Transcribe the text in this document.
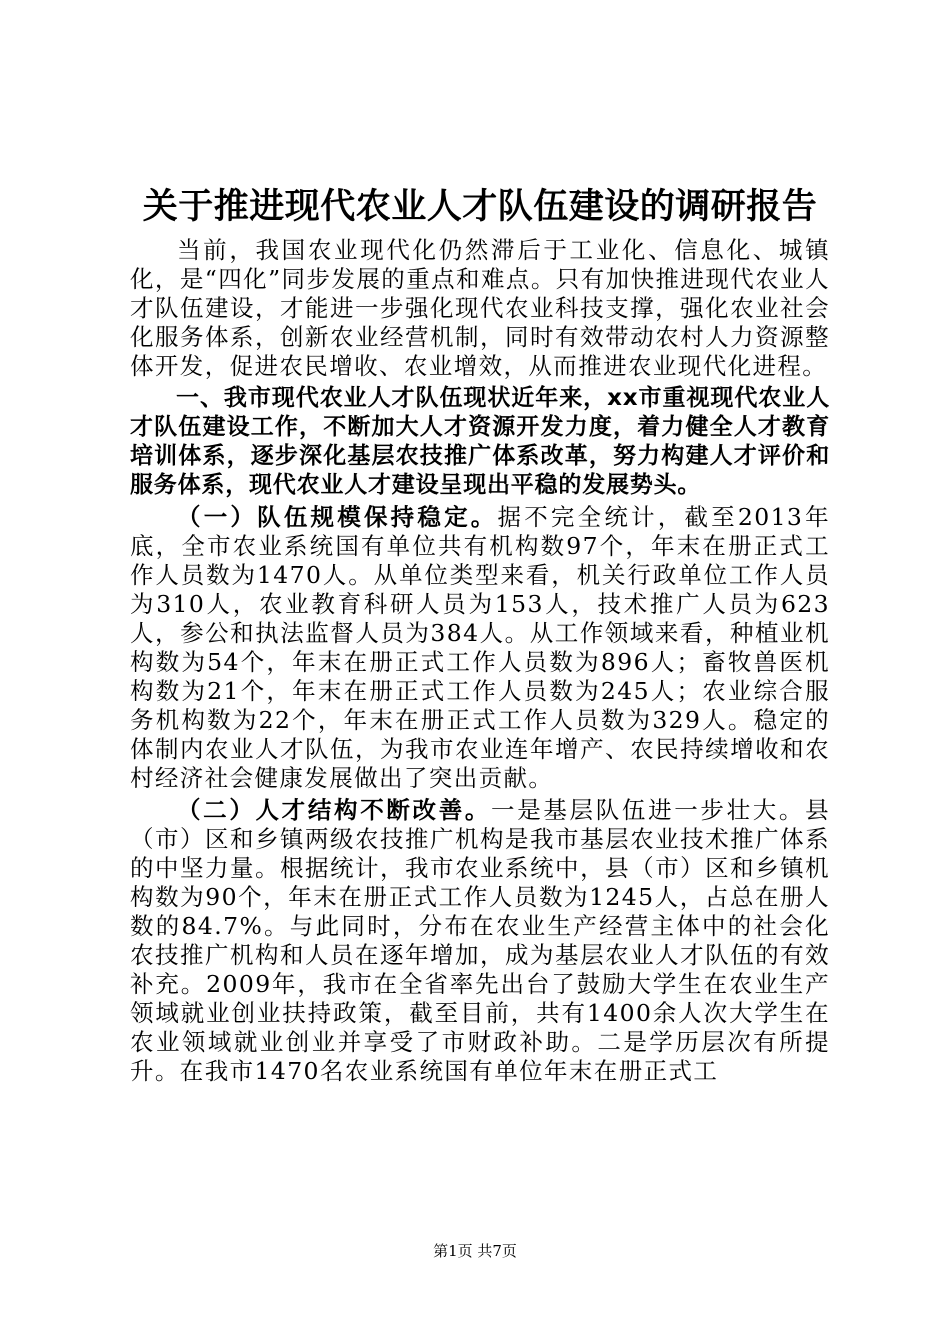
关于推进现代农业人才队伍建设的调研报告

当前，我国农业现代化仍然滞后于工业化、信息化、城镇化，是“四化”同步发展的重点和难点。只有加快推进现代农业人才队伍建设，才能进一步强化现代农业科技支撑，强化农业社会化服务体系，创新农业经营机制，同时有效带动农村人力资源整体开发，促进农民增收、农业增效，从而推进农业现代化进程。

一、我市现代农业人才队伍现状近年来，xx市重视现代农业人才队伍建设工作，不断加大人才资源开发力度，着力健全人才教育培训体系，逐步深化基层农技推广体系改革，努力构建人才评价和服务体系，现代农业人才建设呈现出平稳的发展势头。

（一）队伍规模保持稳定。据不完全统计，截至2013年底，全市农业系统国有单位共有机构数97个，年末在册正式工作人员数为1470人。从单位类型来看，机关行政单位工作人员为310人，农业教育科研人员为153人，技术推广人员为623人，参公和执法监督人员为384人。从工作领域来看，种植业机构数为54个，年末在册正式工作人员数为896人；畜牧兽医机构数为21个，年末在册正式工作人员数为245人；农业综合服务机构数为22个，年末在册正式工作人员数为329人。稳定的体制内农业人才队伍，为我市农业连年增产、农民持续增收和农村经济社会健康发展做出了突出贡献。

（二）人才结构不断改善。一是基层队伍进一步壮大。县（市）区和乡镇两级农技推广机构是我市基层农业技术推广体系的中坚力量。根据统计，我市农业系统中，县（市）区和乡镇机构数为90个，年末在册正式工作人员数为1245人，占总在册人数的84.7%。与此同时，分布在农业生产经营主体中的社会化农技推广机构和人员在逐年增加，成为基层农业人才队伍的有效补充。2009年，我市在全省率先出台了鼓励大学生在农业生产领域就业创业扶持政策，截至目前，共有1400余人次大学生在农业领域就业创业并享受了市财政补助。二是学历层次有所提升。在我市1470名农业系统国有单位年末在册正式工

第1页 共7页
